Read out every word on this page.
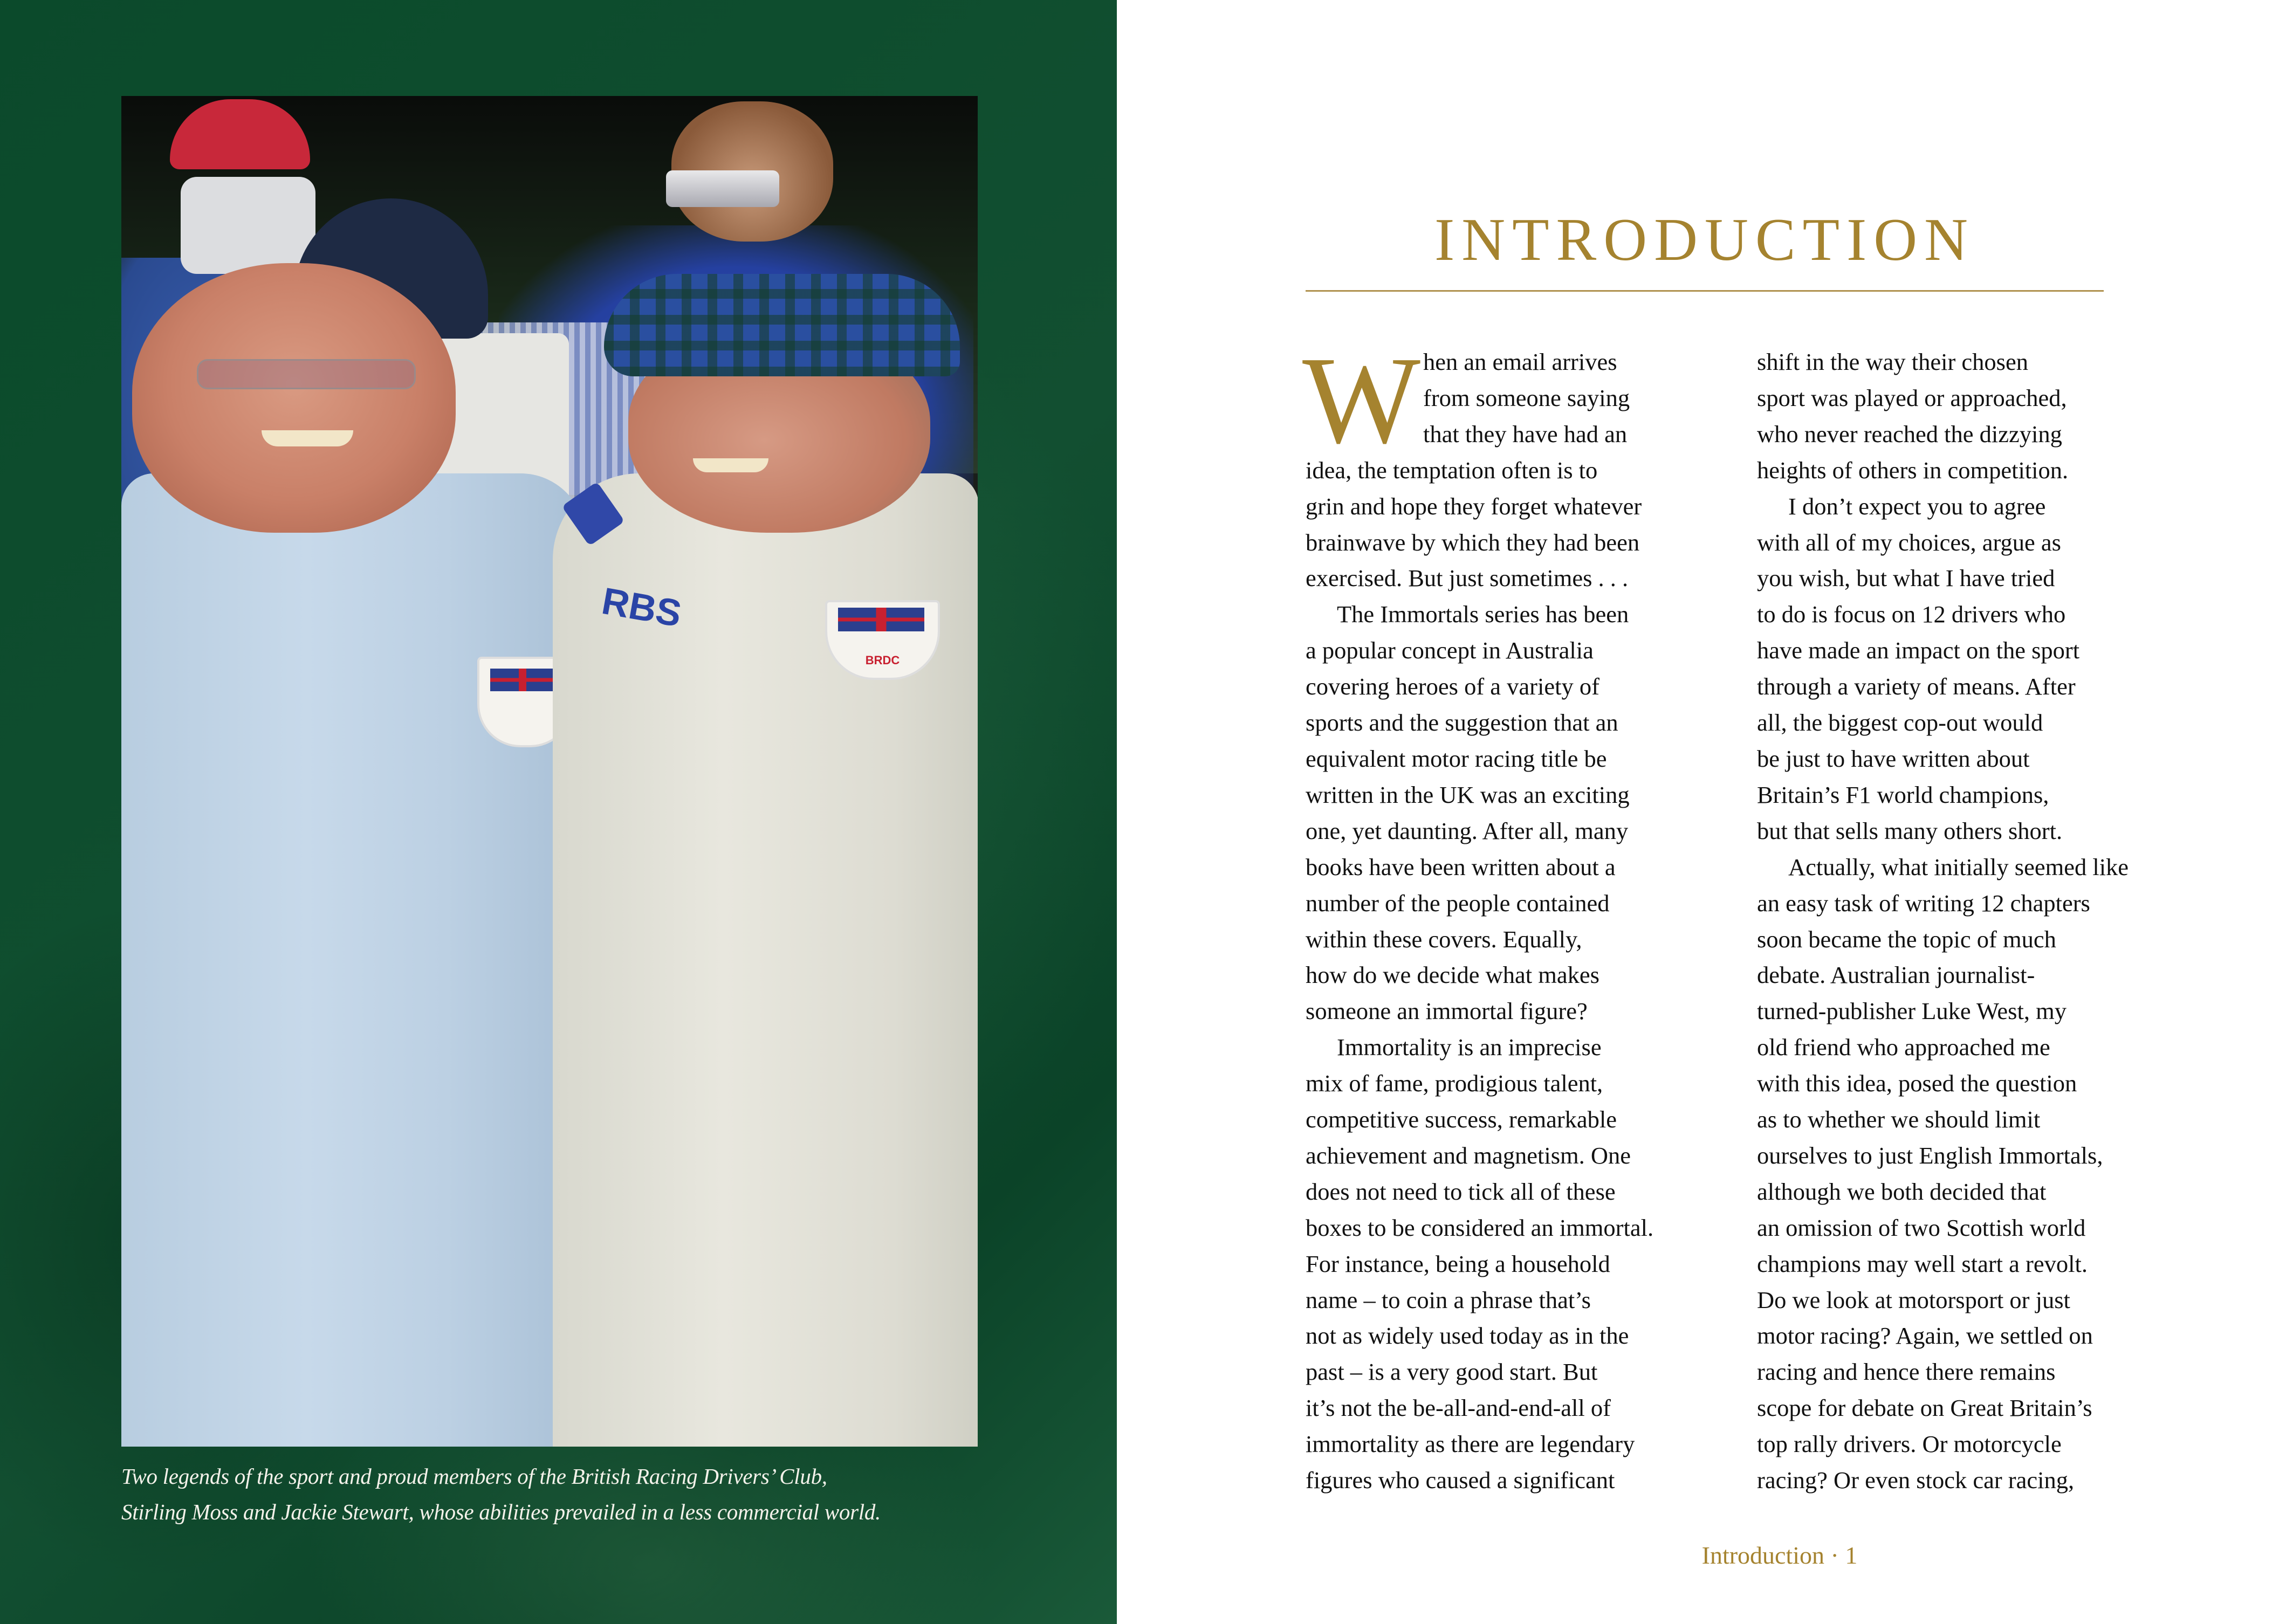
RBS
BRDC
Two legends of the sport and proud members of the British Racing Drivers’ Club,
Stirling Moss and Jackie Stewart, whose abilities prevailed in a less commercial world.
INTRODUCTION
W hen an email arrives
from someone saying
that they have had an
idea, the temptation often is to
grin and hope they forget whatever
brainwave by which they had been
exercised. But just sometimes . . .
The Immortals series has been
a popular concept in Australia
covering heroes of a variety of
sports and the suggestion that an
equivalent motor racing title be
written in the UK was an exciting
one, yet daunting. After all, many
books have been written about a
number of the people contained
within these covers. Equally,
how do we decide what makes
someone an immortal figure?
Immortality is an imprecise
mix of fame, prodigious talent,
competitive success, remarkable
achievement and magnetism. One
does not need to tick all of these
boxes to be considered an immortal.
For instance, being a household
name – to coin a phrase that’s
not as widely used today as in the
past – is a very good start. But
it’s not the be-all-and-end-all of
immortality as there are legendary
figures who caused a significant
shift in the way their chosen
sport was played or approached,
who never reached the dizzying
heights of others in competition.
I don’t expect you to agree
with all of my choices, argue as
you wish, but what I have tried
to do is focus on 12 drivers who
have made an impact on the sport
through a variety of means. After
all, the biggest cop-out would
be just to have written about
Britain’s F1 world champions,
but that sells many others short.
Actually, what initially seemed like
an easy task of writing 12 chapters
soon became the topic of much
debate. Australian journalist-
turned-publisher Luke West, my
old friend who approached me
with this idea, posed the question
as to whether we should limit
ourselves to just English Immortals,
although we both decided that
an omission of two Scottish world
champions may well start a revolt.
Do we look at motorsport or just
motor racing? Again, we settled on
racing and hence there remains
scope for debate on Great Britain’s
top rally drivers. Or motorcycle
racing? Or even stock car racing,
Introduction · 1
